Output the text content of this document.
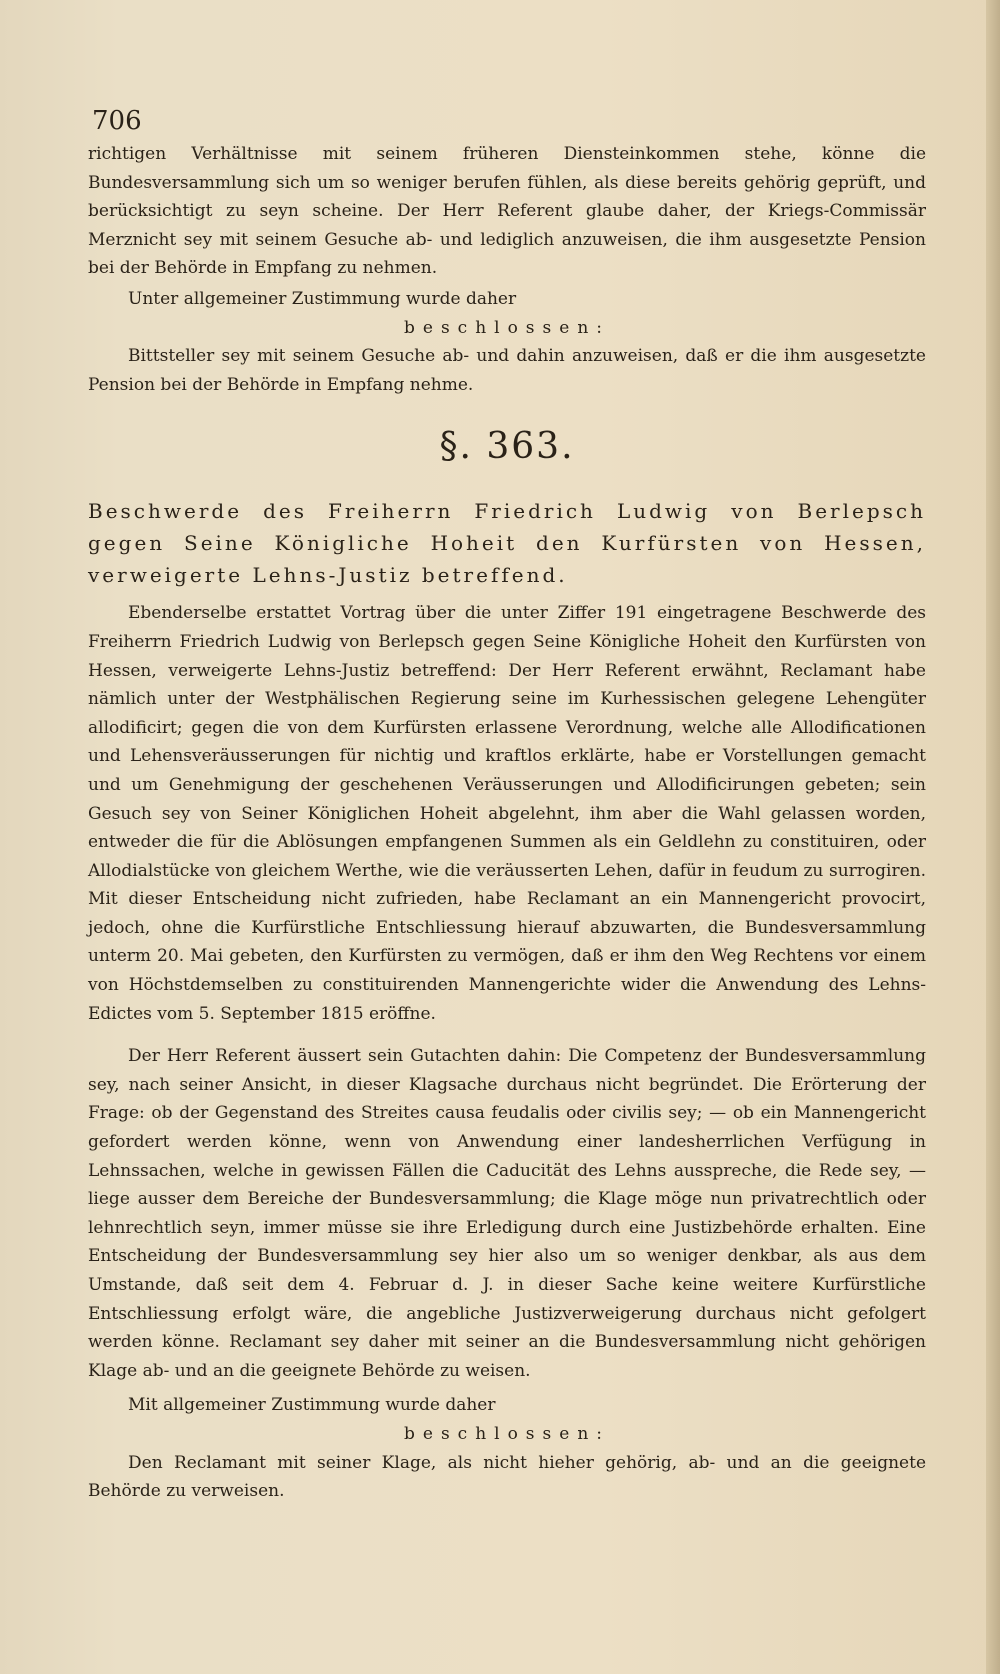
706

richtigen Verhältnisse mit seinem früheren Diensteinkommen stehe, könne die Bundesversammlung sich um so weniger berufen fühlen, als diese bereits gehörig geprüft, und berücksichtigt zu seyn scheine. Der Herr Referent glaube daher, der Kriegs-Commissär Merznicht sey mit seinem Gesuche ab- und lediglich anzuweisen, die ihm ausgesetzte Pension bei der Behörde in Empfang zu nehmen.

Unter allgemeiner Zustimmung wurde daher

beschlossen:

Bittsteller sey mit seinem Gesuche ab- und dahin anzuweisen, daß er die ihm ausgesetzte Pension bei der Behörde in Empfang nehme.

§. 363.

Beschwerde des Freiherrn Friedrich Ludwig von Berlepsch gegen Seine Königliche Hoheit den Kurfürsten von Hessen, verweigerte Lehns-Justiz betreffend.

Ebenderselbe erstattet Vortrag über die unter Ziffer 191 eingetragene Beschwerde des Freiherrn Friedrich Ludwig von Berlepsch gegen Seine Königliche Hoheit den Kurfürsten von Hessen, verweigerte Lehns-Justiz betreffend: Der Herr Referent erwähnt, Reclamant habe nämlich unter der Westphälischen Regierung seine im Kurhessischen gelegene Lehengüter allodificirt; gegen die von dem Kurfürsten erlassene Verordnung, welche alle Allodificationen und Lehensveräusserungen für nichtig und kraftlos erklärte, habe er Vorstellungen gemacht und um Genehmigung der geschehenen Veräusserungen und Allodificirungen gebeten; sein Gesuch sey von Seiner Königlichen Hoheit abgelehnt, ihm aber die Wahl gelassen worden, entweder die für die Ablösungen empfangenen Summen als ein Geldlehn zu constituiren, oder Allodialstücke von gleichem Werthe, wie die veräusserten Lehen, dafür in feudum zu surrogiren. Mit dieser Entscheidung nicht zufrieden, habe Reclamant an ein Mannengericht provocirt, jedoch, ohne die Kurfürstliche Entschliessung hierauf abzuwarten, die Bundesversammlung unterm 20. Mai gebeten, den Kurfürsten zu vermögen, daß er ihm den Weg Rechtens vor einem von Höchstdemselben zu constituirenden Mannengerichte wider die Anwendung des Lehns-Edictes vom 5. September 1815 eröffne.

Der Herr Referent äussert sein Gutachten dahin: Die Competenz der Bundesversammlung sey, nach seiner Ansicht, in dieser Klagsache durchaus nicht begründet. Die Erörterung der Frage: ob der Gegenstand des Streites causa feudalis oder civilis sey; — ob ein Mannengericht gefordert werden könne, wenn von Anwendung einer landesherrlichen Verfügung in Lehnssachen, welche in gewissen Fällen die Caducität des Lehns ausspreche, die Rede sey, — liege ausser dem Bereiche der Bundesversammlung; die Klage möge nun privatrechtlich oder lehnrechtlich seyn, immer müsse sie ihre Erledigung durch eine Justizbehörde erhalten. Eine Entscheidung der Bundesversammlung sey hier also um so weniger denkbar, als aus dem Umstande, daß seit dem 4. Februar d. J. in dieser Sache keine weitere Kurfürstliche Entschliessung erfolgt wäre, die angebliche Justizverweigerung durchaus nicht gefolgert werden könne. Reclamant sey daher mit seiner an die Bundesversammlung nicht gehörigen Klage ab- und an die geeignete Behörde zu weisen.

Mit allgemeiner Zustimmung wurde daher

beschlossen:

Den Reclamant mit seiner Klage, als nicht hieher gehörig, ab- und an die geeignete Behörde zu verweisen.
